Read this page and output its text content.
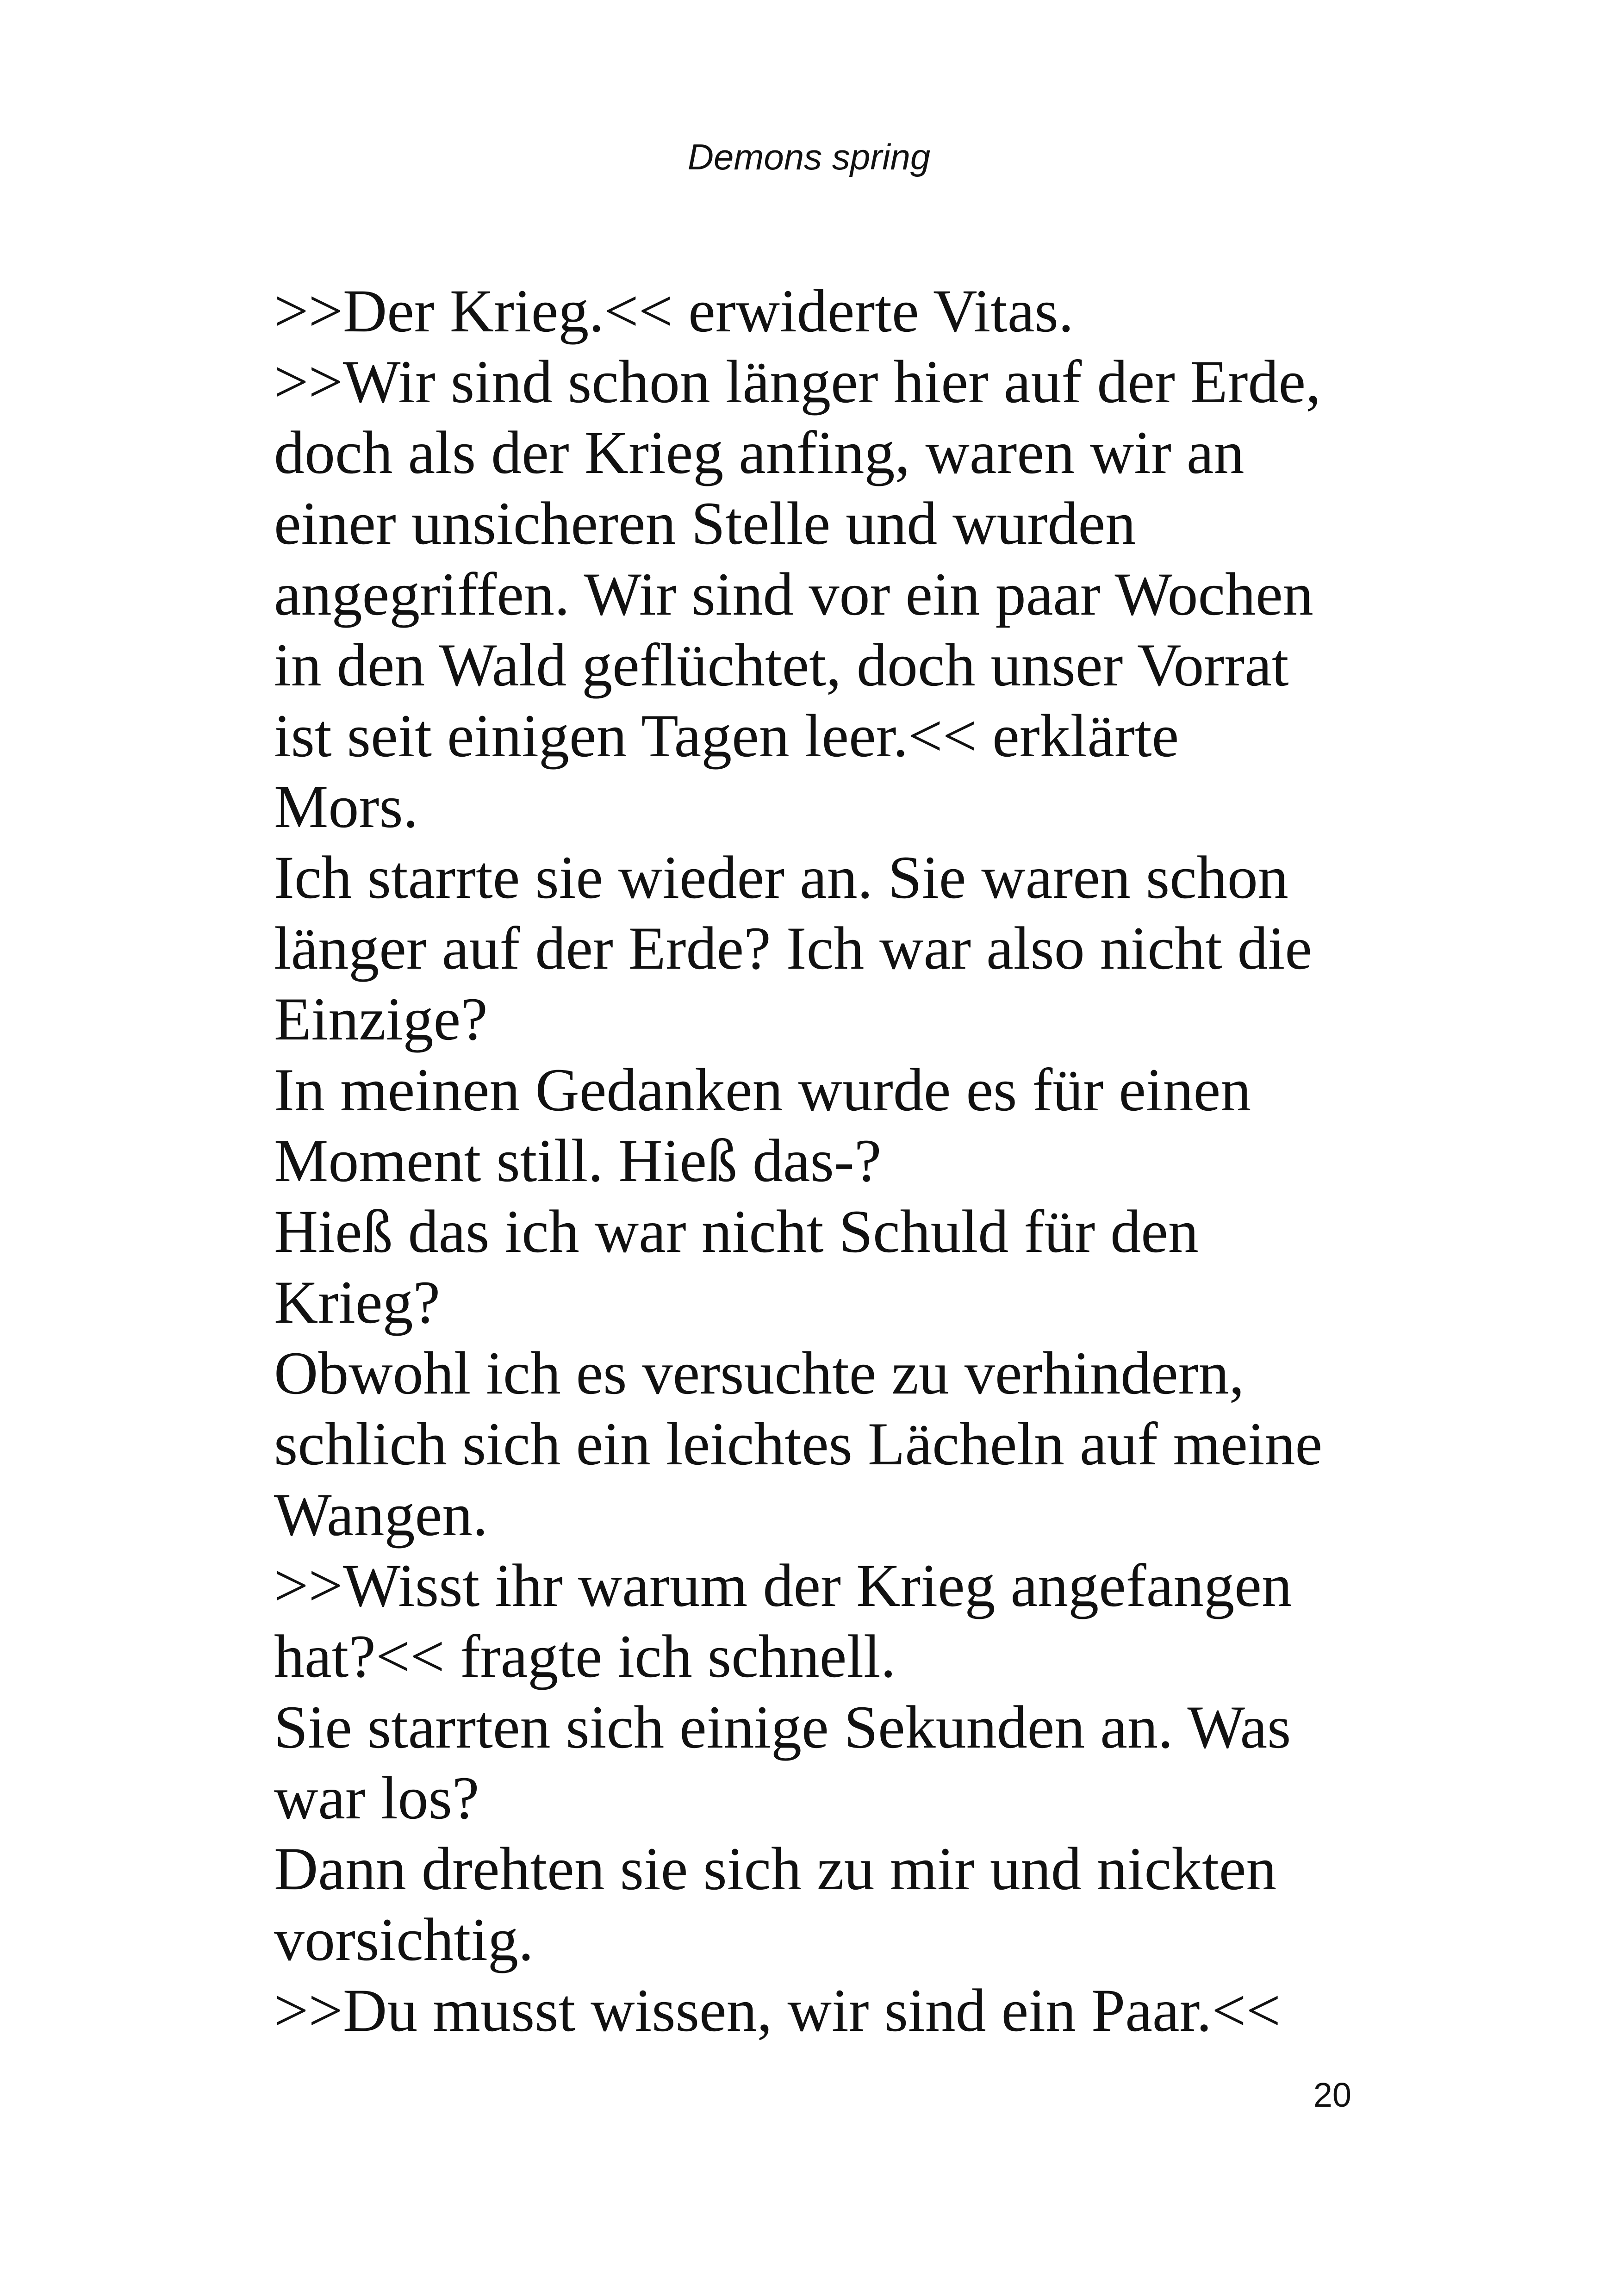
Demons spring
>>Der Krieg.<< erwiderte Vitas.
>>Wir sind schon länger hier auf der Erde,
doch als der Krieg anfing, waren wir an
einer unsicheren Stelle und wurden
angegriffen. Wir sind vor ein paar Wochen
in den Wald geflüchtet, doch unser Vorrat
ist seit einigen Tagen leer.<< erklärte
Mors.
Ich starrte sie wieder an. Sie waren schon
länger auf der Erde? Ich war also nicht die
Einzige?
In meinen Gedanken wurde es für einen
Moment still. Hieß das-?
Hieß das ich war nicht Schuld für den
Krieg?
Obwohl ich es versuchte zu verhindern,
schlich sich ein leichtes Lächeln auf meine
Wangen.
>>Wisst ihr warum der Krieg angefangen
hat?<< fragte ich schnell.
Sie starrten sich einige Sekunden an. Was
war los?
Dann drehten sie sich zu mir und nickten
vorsichtig.
>>Du musst wissen, wir sind ein Paar.<<
20
